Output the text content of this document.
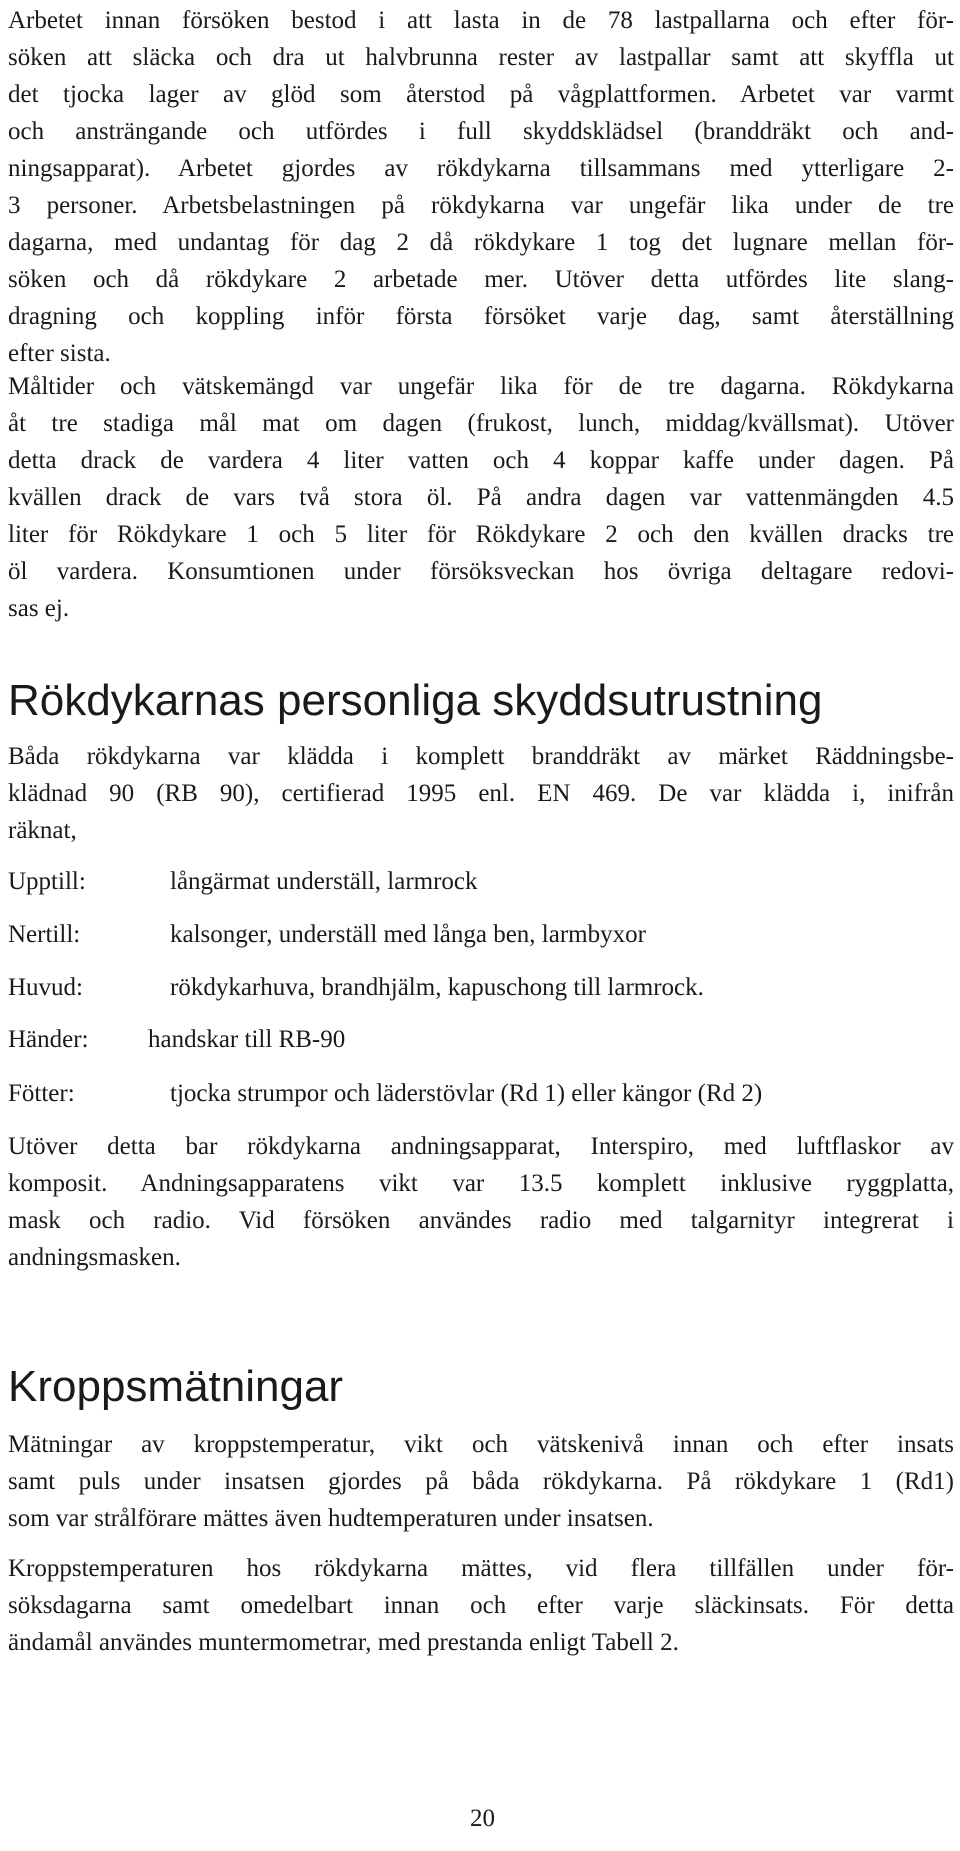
Arbetet innan försöken bestod i att lasta in de 78 lastpallarna och efter för-
söken att släcka och dra ut halvbrunna rester av lastpallar samt att skyffla ut
det tjocka lager av glöd som återstod på vågplattformen. Arbetet var varmt
och ansträngande och utfördes i full skyddsklädsel (branddräkt och and-
ningsapparat). Arbetet gjordes av rökdykarna tillsammans med ytterligare 2-
3 personer. Arbetsbelastningen på rökdykarna var ungefär lika under de tre
dagarna, med undantag för dag 2 då rökdykare 1 tog det lugnare mellan för-
söken och då rökdykare 2 arbetade mer. Utöver detta utfördes lite slang-
dragning och koppling inför första försöket varje dag, samt återställning
efter sista.

Måltider och vätskemängd var ungefär lika för de tre dagarna. Rökdykarna
åt tre stadiga mål mat om dagen (frukost, lunch, middag/kvällsmat). Utöver
detta drack de vardera 4 liter vatten och 4 koppar kaffe under dagen. På
kvällen drack de vars två stora öl. På andra dagen var vattenmängden 4.5
liter för Rökdykare 1 och 5 liter för Rökdykare 2 och den kvällen dracks tre
öl vardera. Konsumtionen under försöksveckan hos övriga deltagare redovi-
sas ej.

Rökdykarnas personliga skyddsutrustning

Båda rökdykarna var klädda i komplett branddräkt av märket Räddningsbe-
klädnad 90 (RB 90), certifierad 1995 enl. EN 469. De var klädda i, inifrån
räknat,

Upptill:	långärmat underställ, larmrock
Nertill:	kalsonger, underställ med långa ben, larmbyxor
Huvud:	rökdykarhuva, brandhjälm, kapuschong till larmrock.
Händer: handskar till RB-90
Fötter:	tjocka strumpor och läderstövlar (Rd 1) eller kängor (Rd 2)

Utöver detta bar rökdykarna andningsapparat, Interspiro, med luftflaskor av
komposit. Andningsapparatens vikt var 13.5 komplett inklusive ryggplatta,
mask och radio. Vid försöken användes radio med talgarnityr integrerat i
andningsmasken.

Kroppsmätningar

Mätningar av kroppstemperatur, vikt och vätskenivå innan och efter insats
samt puls under insatsen gjordes på båda rökdykarna. På rökdykare 1 (Rd1)
som var strålförare mättes även hudtemperaturen under insatsen.

Kroppstemperaturen hos rökdykarna mättes, vid flera tillfällen under för-
söksdagarna samt omedelbart innan och efter varje släckinsats. För detta
ändamål användes muntermometrar, med prestanda enligt Tabell 2.

20
